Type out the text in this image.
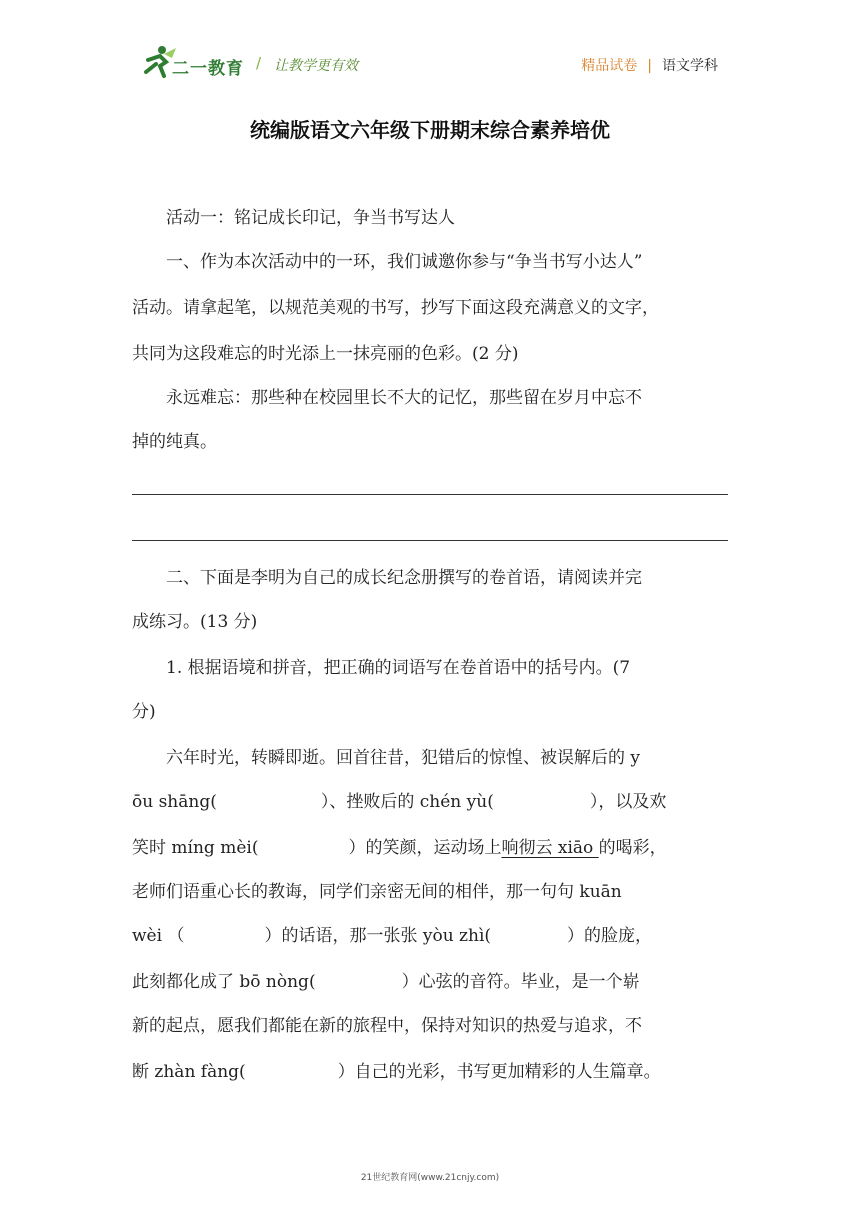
二一教育 / 让教学更有效	精品试卷 | 语文学科
统编版语文六年级下册期末综合素养培优
活动一：铭记成长印记，争当书写达人
一、作为本次活动中的一环，我们诚邀你参与“争当书写小达人”
活动。请拿起笔，以规范美观的书写，抄写下面这段充满意义的文字，
共同为这段难忘的时光添上一抹亮丽的色彩。(2 分)
永远难忘：那些种在校园里长不大的记忆，那些留在岁月中忘不
掉的纯真。
二、下面是李明为自己的成长纪念册撰写的卷首语，请阅读并完
成练习。(13 分)
1. 根据语境和拼音，把正确的词语写在卷首语中的括号内。(7
分)
六年时光，转瞬即逝。回首往昔，犯错后的惊惶、被误解后的 y
ōu shāng(	）、挫败后的 chén yù(	），以及欢
笑时 míng mèi(	）的笑颜，运动场上响彻云 xiāo 的喝彩，
老师们语重心长的教诲，同学们亲密无间的相伴，那一句句 kuān
wèi （	）的话语，那一张张 yòu zhì(	）的脸庞，
此刻都化成了 bō nòng(	）心弦的音符。毕业，是一个崭
新的起点，愿我们都能在新的旅程中，保持对知识的热爱与追求，不
断 zhàn fàng(	）自己的光彩，书写更加精彩的人生篇章。
21世纪教育网(www.21cnjy.com)
